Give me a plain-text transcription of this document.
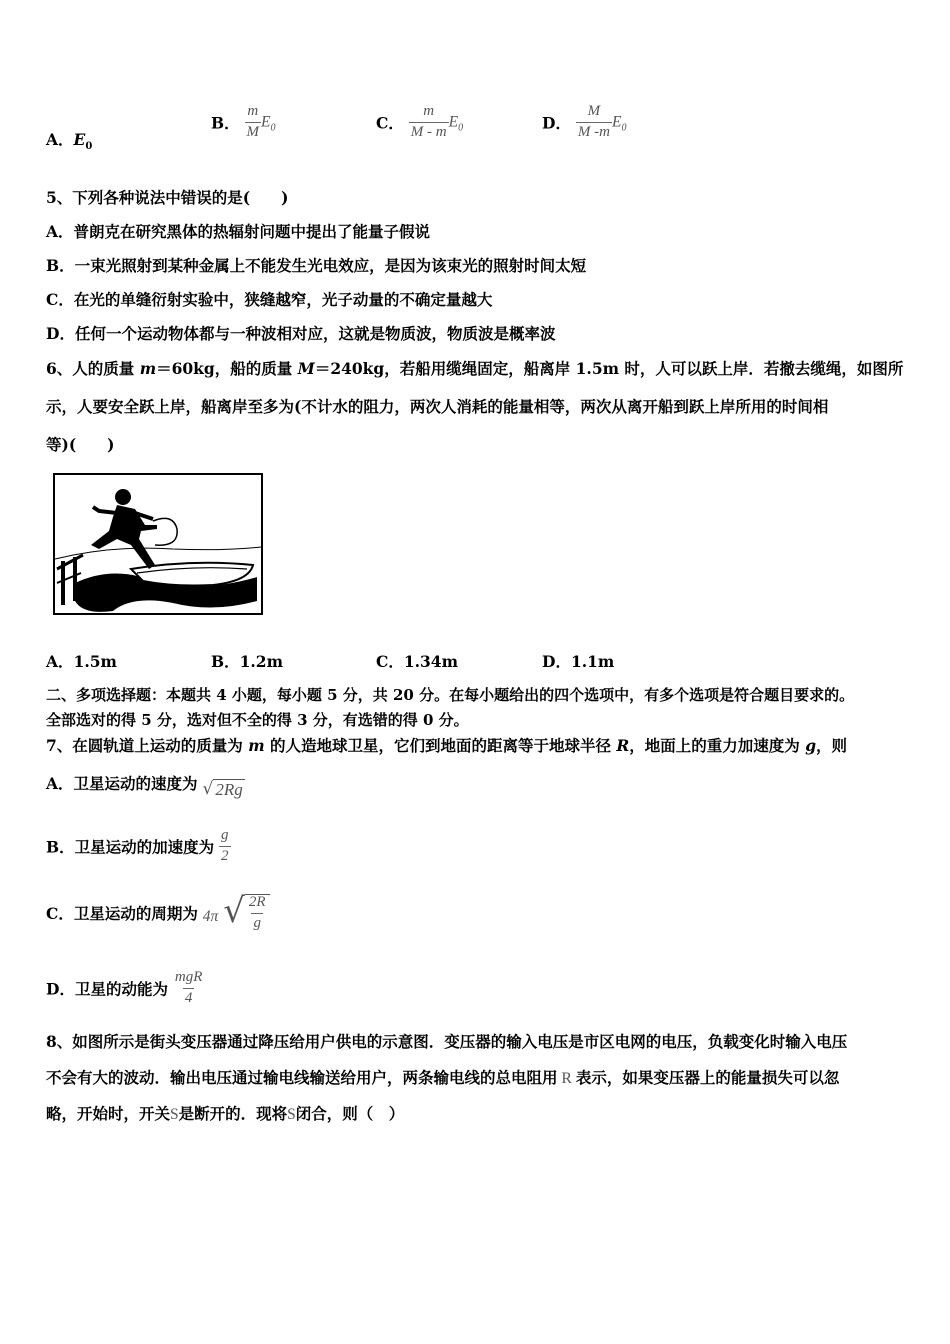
A．$E_0$
B． $\frac{m}{M} E_0$	C． $\frac{m}{M - m} E_0$	D． $\frac{M}{M -m} E_0$
5、下列各种说法中错误的是(　　)
A．普朗克在研究黑体的热辐射问题中提出了能量子假说
B．一束光照射到某种金属上不能发生光电效应，是因为该束光的照射时间太短
C．在光的单缝衍射实验中，狭缝越窄，光子动量的不确定量越大
D．任何一个运动物体都与一种波相对应，这就是物质波，物质波是概率波
6、人的质量 m＝60kg，船的质量 M＝240kg，若船用缆绳固定，船离岸 1.5m 时，人可以跃上岸．若撤去缆绳，如图所
示，人要安全跃上岸，船离岸至多为(不计水的阻力，两次人消耗的能量相等，两次从离开船到跃上岸所用的时间相
等)(　　)
A．1.5m	B．1.2m	C．1.34m	D．1.1m
二、多项选择题：本题共 4 小题，每小题 5 分，共 20 分。在每小题给出的四个选项中，有多个选项是符合题目要求的。
全部选对的得 5 分，选对但不全的得 3 分，有选错的得 0 分。
7、在圆轨道上运动的质量为 m 的人造地球卫星，它们到地面的距离等于地球半径 R，地面上的重力加速度为 g，则
A．卫星运动的速度为 √ 2Rg
B．卫星运动的加速度为 $\frac{g}{2}$
C．卫星运动的周期为 4π √ $\frac{2R}{g}$
D．卫星的动能为 $\frac{\text{mgR}}{4}$
8、如图所示是街头变压器通过降压给用户供电的示意图．变压器的输入电压是市区电网的电压，负载变化时输入电压
不会有大的波动．输出电压通过输电线输送给用户，两条输电线的总电阻用 R 表示，如果变压器上的能量损失可以忽
略，开始时，开关S是断开的．现将S闭合，则（　）
